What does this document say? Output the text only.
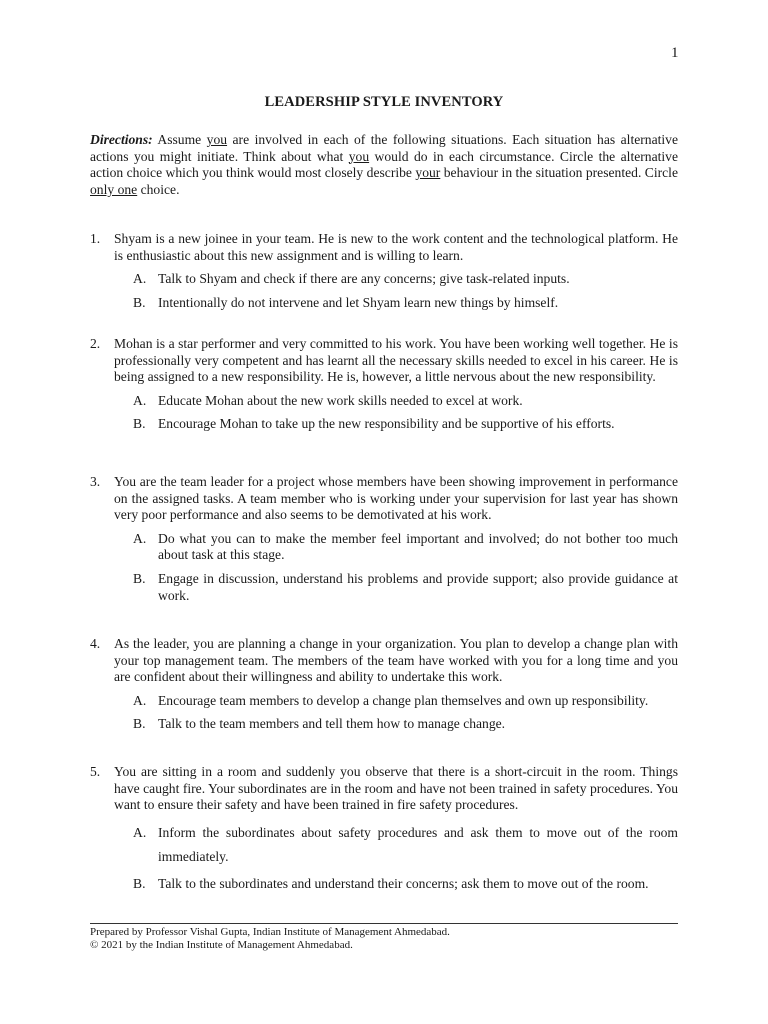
1
LEADERSHIP STYLE INVENTORY
Directions: Assume you are involved in each of the following situations. Each situation has alternative actions you might initiate. Think about what you would do in each circumstance. Circle the alternative action choice which you think would most closely describe your behaviour in the situation presented. Circle only one choice.
1.	Shyam is a new joinee in your team. He is new to the work content and the technological platform. He is enthusiastic about this new assignment and is willing to learn.
A. Talk to Shyam and check if there are any concerns; give task-related inputs.
B. Intentionally do not intervene and let Shyam learn new things by himself.
2.	Mohan is a star performer and very committed to his work. You have been working well together. He is professionally very competent and has learnt all the necessary skills needed to excel in his career. He is being assigned to a new responsibility. He is, however, a little nervous about the new responsibility.
A. Educate Mohan about the new work skills needed to excel at work.
B. Encourage Mohan to take up the new responsibility and be supportive of his efforts.
3.	You are the team leader for a project whose members have been showing improvement in performance on the assigned tasks. A team member who is working under your supervision for last year has shown very poor performance and also seems to be demotivated at his work.
A. Do what you can to make the member feel important and involved; do not bother too much about task at this stage.
B. Engage in discussion, understand his problems and provide support; also provide guidance at work.
4.	As the leader, you are planning a change in your organization. You plan to develop a change plan with your top management team. The members of the team have worked with you for a long time and you are confident about their willingness and ability to undertake this work.
A. Encourage team members to develop a change plan themselves and own up responsibility.
B. Talk to the team members and tell them how to manage change.
5.	You are sitting in a room and suddenly you observe that there is a short-circuit in the room. Things have caught fire. Your subordinates are in the room and have not been trained in safety procedures. You want to ensure their safety and have been trained in fire safety procedures.
A. Inform the subordinates about safety procedures and ask them to move out of the room immediately.
B. Talk to the subordinates and understand their concerns; ask them to move out of the room.
Prepared by Professor Vishal Gupta, Indian Institute of Management Ahmedabad.
© 2021 by the Indian Institute of Management Ahmedabad.
